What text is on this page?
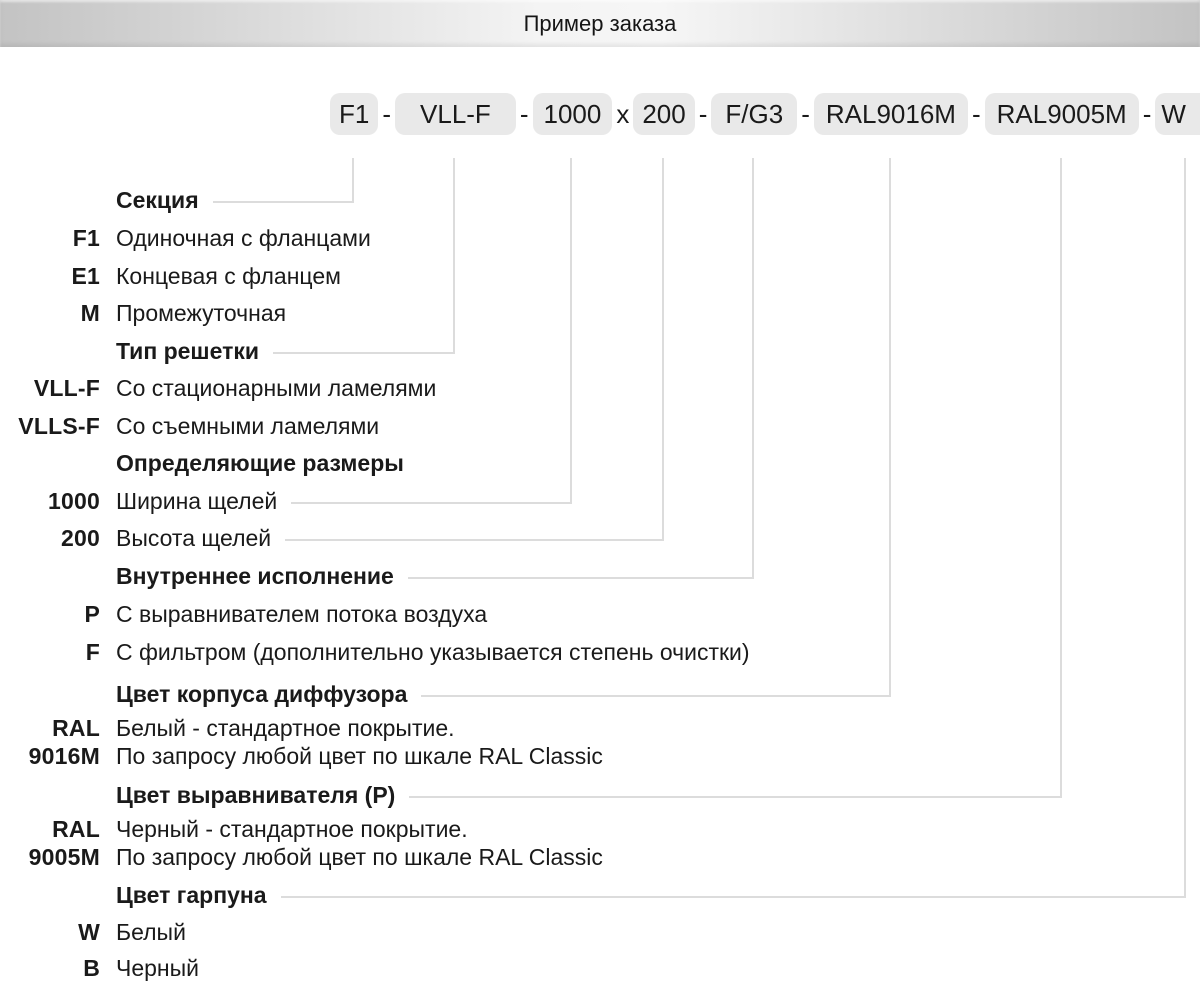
Пример заказа
F1 -	VLL-F	- 1000 x 200 - F/G3 - RAL9016M - RAL9005M - W
Секция
F1 Одиночная с фланцами
E1 Концевая с фланцем
M Промежуточная
Тип решетки
VLL-F Со стационарными ламелями
VLLS-F Со съемными ламелями
Определяющие размеры
1000 Ширина щелей
200 Высота щелей
Внутреннее исполнение
P С выравнивателем потока воздуха
F С фильтром (дополнительно указывается степень очистки)
Цвет корпуса диффузора
RAL Белый - стандартное покрытие.
9016M По запросу любой цвет по шкале RAL Classic
Цвет выравнивателя (P)
RAL Черный - стандартное покрытие.
9005M По запросу любой цвет по шкале RAL Classic
Цвет гарпуна
W Белый
B Черный
